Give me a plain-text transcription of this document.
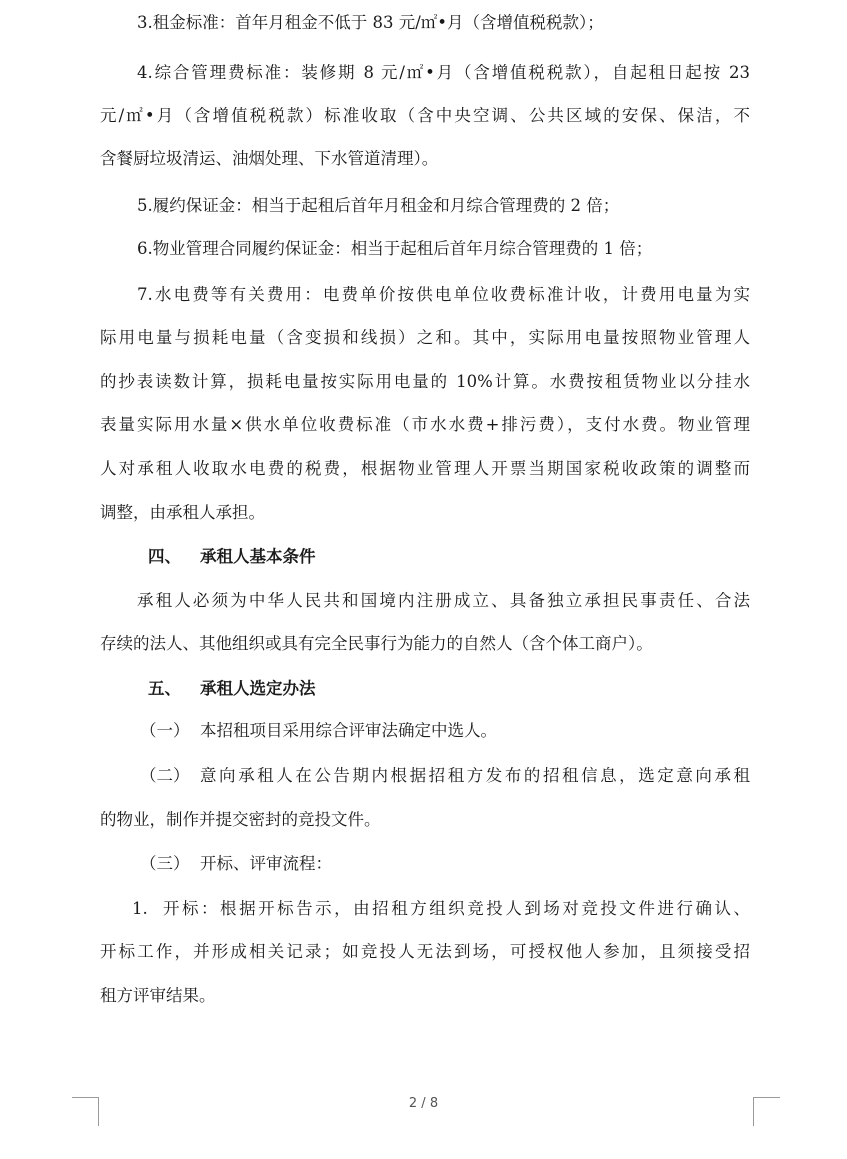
3.租金标准：首年月租金不低于 83 元/㎡•月（含增值税税款）；
4.综合管理费标准：装修期 8 元/㎡•月（含增值税税款），自起租日起按 23
元/㎡•月（含增值税税款）标准收取（含中央空调、公共区域的安保、保洁，不
含餐厨垃圾清运、油烟处理、下水管道清理）。
5.履约保证金：相当于起租后首年月租金和月综合管理费的 2 倍；
6.物业管理合同履约保证金：相当于起租后首年月综合管理费的 1 倍；
7.水电费等有关费用：电费单价按供电单位收费标准计收，计费用电量为实
际用电量与损耗电量（含变损和线损）之和。其中，实际用电量按照物业管理人
的抄表读数计算，损耗电量按实际用电量的 10%计算。水费按租赁物业以分挂水
表量实际用水量×供水单位收费标准（市水水费+排污费），支付水费。物业管理
人对承租人收取水电费的税费，根据物业管理人开票当期国家税收政策的调整而
调整，由承租人承担。
四、 承租人基本条件
承租人必须为中华人民共和国境内注册成立、具备独立承担民事责任、合法
存续的法人、其他组织或具有完全民事行为能力的自然人（含个体工商户）。
五、 承租人选定办法
（一） 本招租项目采用综合评审法确定中选人。
（二） 意向承租人在公告期内根据招租方发布的招租信息，选定意向承租
的物业，制作并提交密封的竞投文件。
（三） 开标、评审流程：
1. 开标：根据开标告示，由招租方组织竞投人到场对竞投文件进行确认、
开标工作，并形成相关记录；如竞投人无法到场，可授权他人参加，且须接受招
租方评审结果。
2 / 8
